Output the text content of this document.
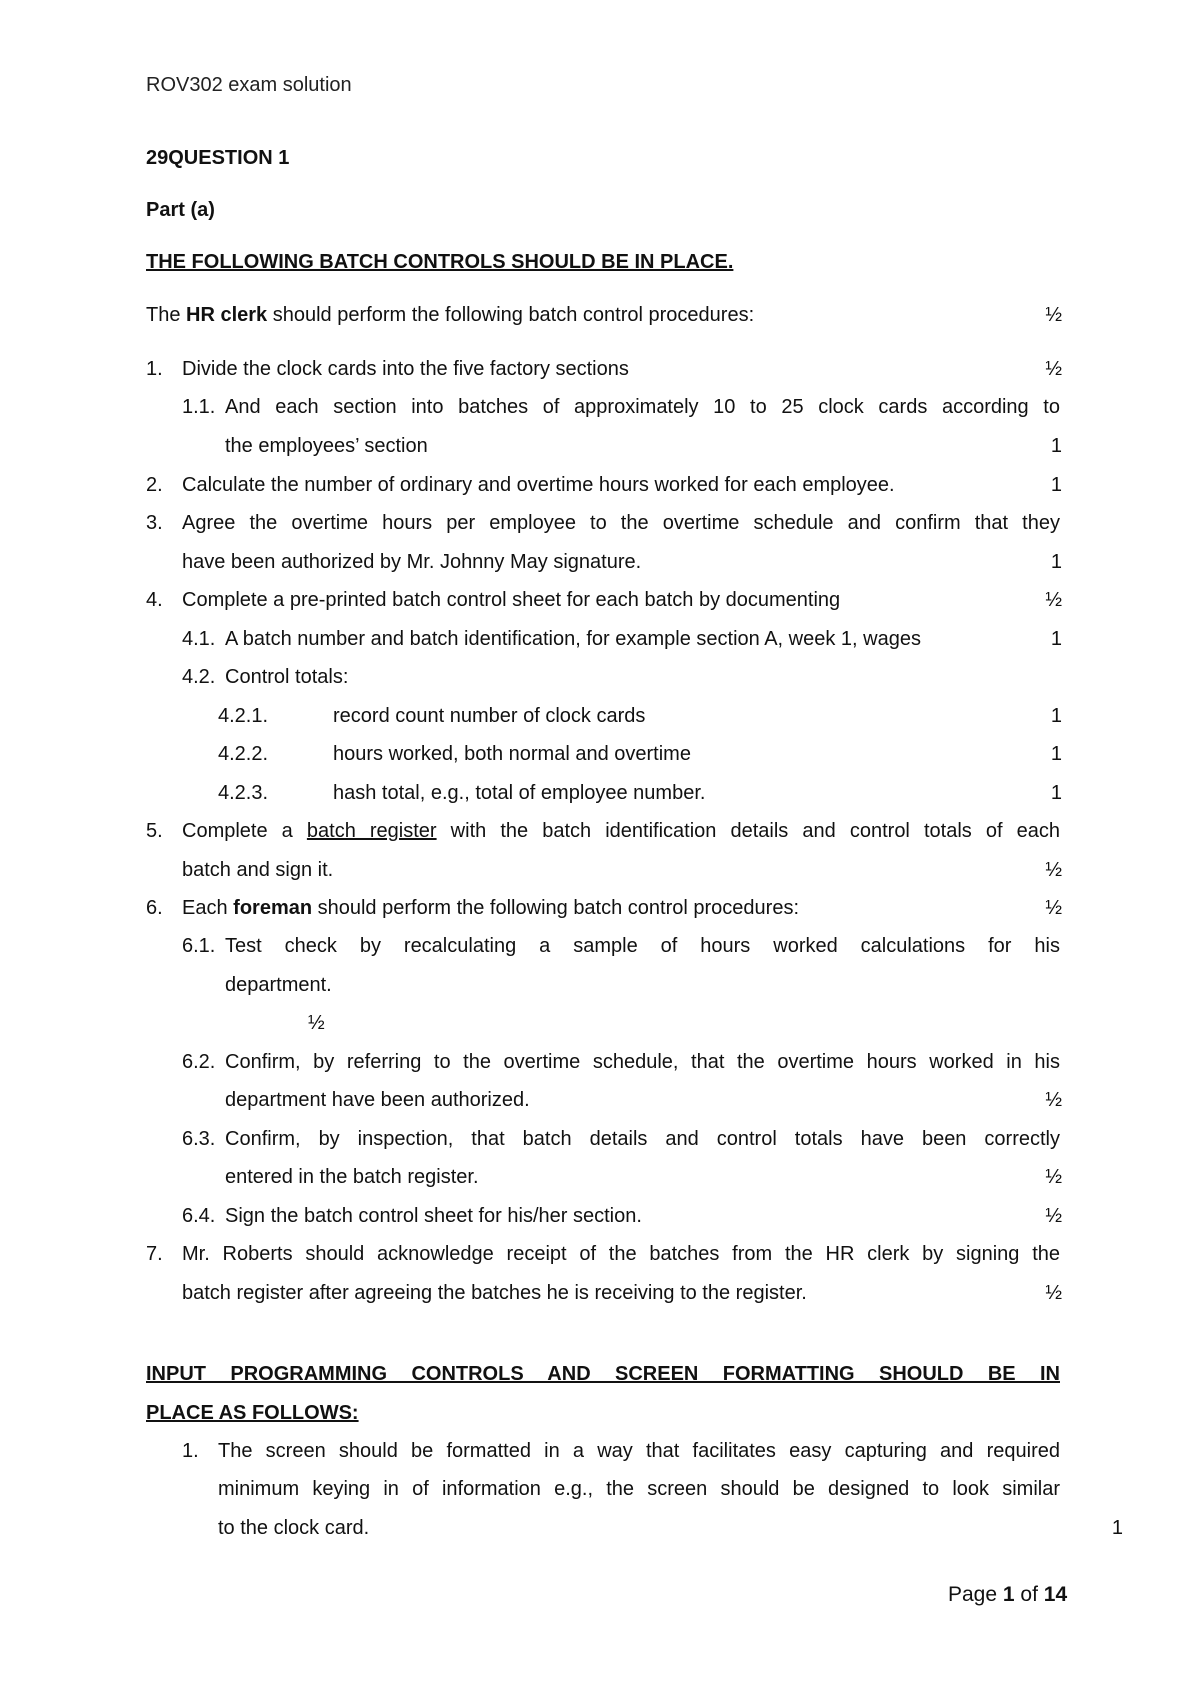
ROV302 exam solution
29QUESTION 1
Part (a)
THE FOLLOWING BATCH CONTROLS SHOULD BE IN PLACE.
The HR clerk should perform the following batch control procedures:	½
1. Divide the clock cards into the five factory sections	½
1.1. And each section into batches of approximately 10 to 25 clock cards according to
the employees’ section	1
2. Calculate the number of ordinary and overtime hours worked for each employee.	1
3. Agree the overtime hours per employee to the overtime schedule and confirm that they
have been authorized by Mr. Johnny May signature.	1
4. Complete a pre-printed batch control sheet for each batch by documenting	½
4.1. A batch number and batch identification, for example section A, week 1, wages	1
4.2. Control totals:
4.2.1.	record count number of clock cards	1
4.2.2.	hours worked, both normal and overtime	1
4.2.3.	hash total, e.g., total of employee number.	1
5. Complete a batch register with the batch identification details and control totals of each
batch and sign it.	½
6. Each foreman should perform the following batch control procedures:	½
6.1. Test check by recalculating a sample of hours worked calculations for his
department.
½
6.2. Confirm, by referring to the overtime schedule, that the overtime hours worked in his
department have been authorized.	½
6.3. Confirm, by inspection, that batch details and control totals have been correctly
entered in the batch register.	½
6.4. Sign the batch control sheet for his/her section.	½
7. Mr. Roberts should acknowledge receipt of the batches from the HR clerk by signing the
batch register after agreeing the batches he is receiving to the register.	½
INPUT PROGRAMMING CONTROLS AND SCREEN FORMATTING SHOULD BE IN
PLACE AS FOLLOWS:
1. The screen should be formatted in a way that facilitates easy capturing and required
minimum keying in of information e.g., the screen should be designed to look similar
to the clock card.	1
Page 1 of 14
